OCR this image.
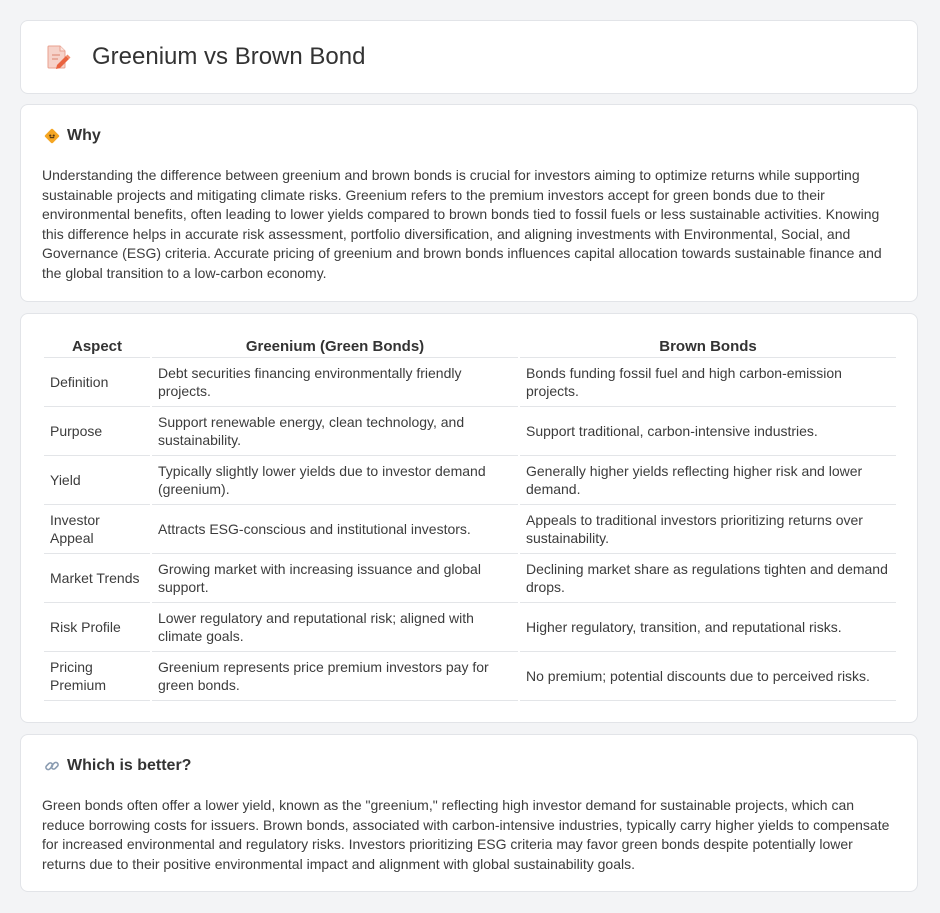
Greenium vs Brown Bond
Why

Understanding the difference between greenium and brown bonds is crucial for investors aiming to optimize returns while supporting sustainable projects and mitigating climate risks. Greenium refers to the premium investors accept for green bonds due to their environmental benefits, often leading to lower yields compared to brown bonds tied to fossil fuels or less sustainable activities. Knowing this difference helps in accurate risk assessment, portfolio diversification, and aligning investments with Environmental, Social, and Governance (ESG) criteria. Accurate pricing of greenium and brown bonds influences capital allocation towards sustainable finance and the global transition to a low-carbon economy.

Aspect	Greenium (Green Bonds)	Brown Bonds
Definition	Debt securities financing environmentally friendly projects.	Bonds funding fossil fuel and high carbon-emission projects.
Purpose	Support renewable energy, clean technology, and sustainability.	Support traditional, carbon-intensive industries.
Yield	Typically slightly lower yields due to investor demand (greenium).	Generally higher yields reflecting higher risk and lower demand.
Investor Appeal	Attracts ESG-conscious and institutional investors.	Appeals to traditional investors prioritizing returns over sustainability.
Market Trends	Growing market with increasing issuance and global support.	Declining market share as regulations tighten and demand drops.
Risk Profile	Lower regulatory and reputational risk; aligned with climate goals.	Higher regulatory, transition, and reputational risks.
Pricing Premium	Greenium represents price premium investors pay for green bonds.	No premium; potential discounts due to perceived risks.
Which is better?

Green bonds often offer a lower yield, known as the "greenium," reflecting high investor demand for sustainable projects, which can reduce borrowing costs for issuers. Brown bonds, associated with carbon-intensive industries, typically carry higher yields to compensate for increased environmental and regulatory risks. Investors prioritizing ESG criteria may favor green bonds despite potentially lower returns due to their positive environmental impact and alignment with global sustainability goals.
